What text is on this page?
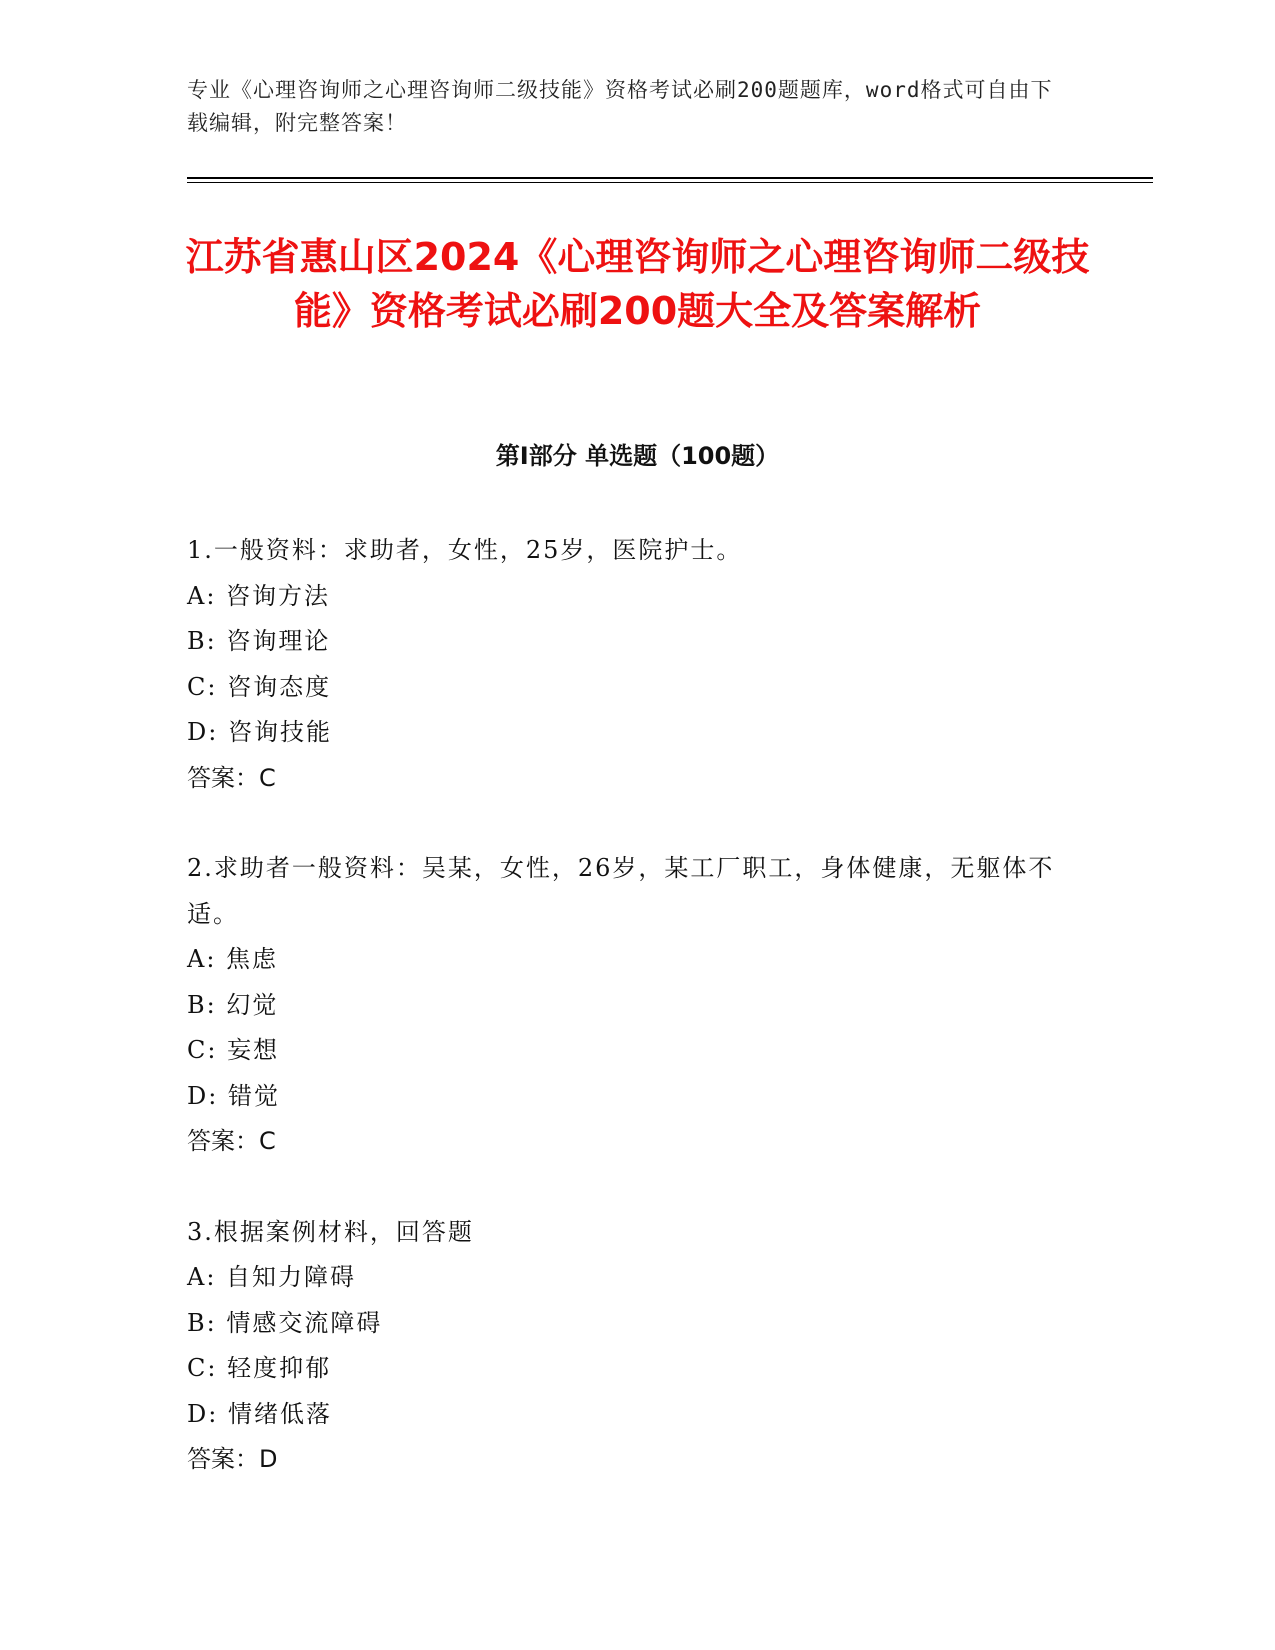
专业《心理咨询师之心理咨询师二级技能》资格考试必刷200题题库，word格式可自由下载编辑，附完整答案！
江苏省惠山区2024《心理咨询师之心理咨询师二级技能》资格考试必刷200题大全及答案解析
第Ⅰ部分 单选题（100题）
1.一般资料：求助者，女性，25岁，医院护士。
A: 咨询方法
B: 咨询理论
C: 咨询态度
D: 咨询技能
答案：C
2.求助者一般资料：吴某，女性，26岁，某工厂职工，身体健康，无躯体不适。
A: 焦虑
B: 幻觉
C: 妄想
D: 错觉
答案：C
3.根据案例材料，回答题
A: 自知力障碍
B: 情感交流障碍
C: 轻度抑郁
D: 情绪低落
答案：D
